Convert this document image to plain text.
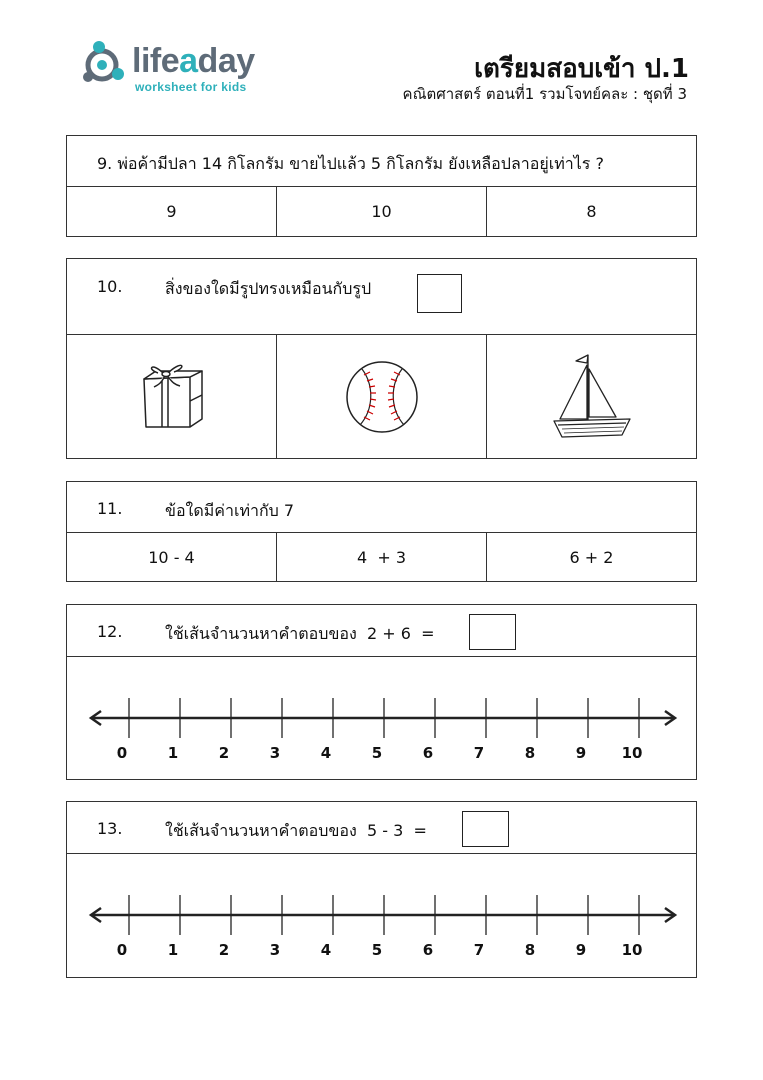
lifeaday
worksheet for kids
เตรียมสอบเข้า ป.1
คณิตศาสตร์ ตอนที่1 รวมโจทย์คละ : ชุดที่ 3
9. พ่อค้ามีปลา 14 กิโลกรัม ขายไปแล้ว 5 กิโลกรัม ยังเหลือปลาอยู่เท่าไร ?
9	10	8
10.	สิ่งของใดมีรูปทรงเหมือนกับรูป
11.	ข้อใดมีค่าเท่ากับ 7
10 - 4	4  + 3	6 + 2
12.	ใช้เส้นจำนวนหาคำตอบของ  2 + 6  =
0	1	2	3	4	5	6	7	8	9 10
13.	ใช้เส้นจำนวนหาคำตอบของ  5 - 3  =
0	1	2	3	4	5	6	7	8	9 10
